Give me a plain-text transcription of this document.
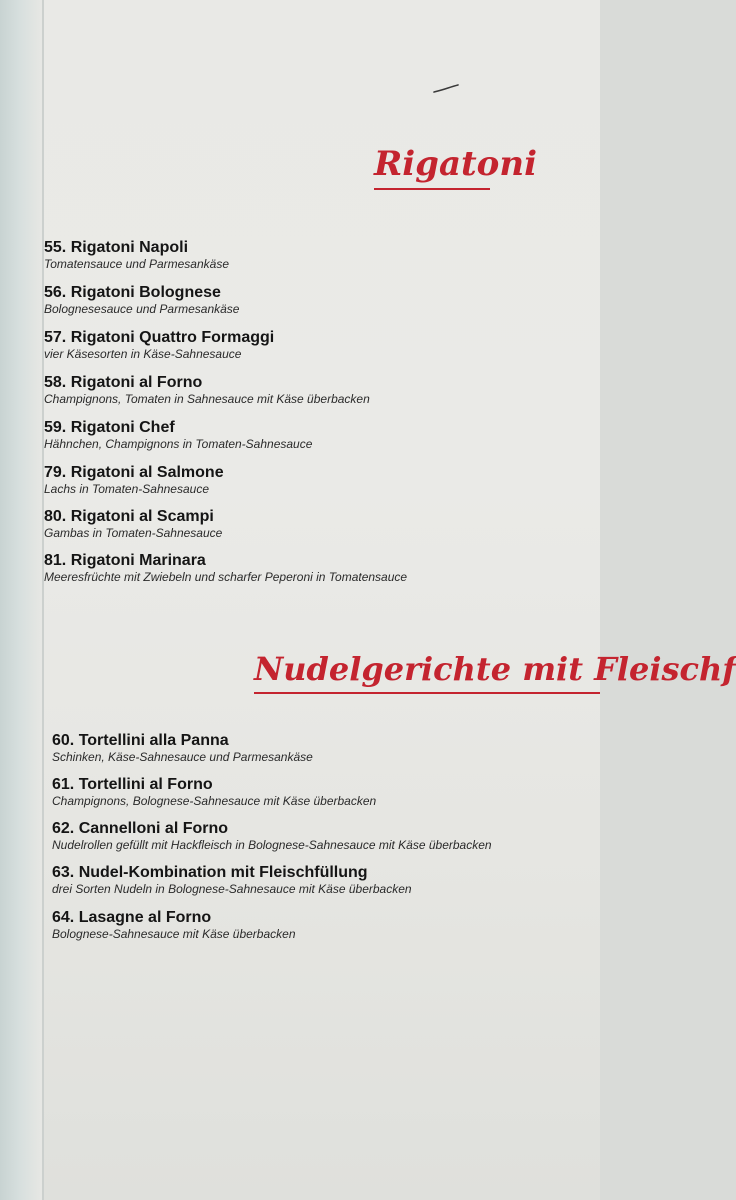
Rigatoni
55. Rigatoni Napoli
Tomatensauce und Parmesankäse
56. Rigatoni Bolognese
Bolognesesauce und Parmesankäse
57. Rigatoni Quattro Formaggi
vier Käsesorten in Käse-Sahnesauce
58. Rigatoni al Forno
Champignons, Tomaten in Sahnesauce mit Käse überbacken
59. Rigatoni Chef
Hähnchen, Champignons in Tomaten-Sahnesauce
79. Rigatoni al Salmone
Lachs in Tomaten-Sahnesauce
80. Rigatoni al Scampi
Gambas in Tomaten-Sahnesauce
81. Rigatoni Marinara
Meeresfrüchte mit Zwiebeln und scharfer Peperoni in Tomatensauce
Nudelgerichte mit Fleischf
60. Tortellini alla Panna
Schinken, Käse-Sahnesauce und Parmesankäse
61. Tortellini al Forno
Champignons, Bolognese-Sahnesauce mit Käse überbacken
62. Cannelloni al Forno
Nudelrollen gefüllt mit Hackfleisch in Bolognese-Sahnesauce mit Käse überbacken
63. Nudel-Kombination mit Fleischfüllung
drei Sorten Nudeln in Bolognese-Sahnesauce mit Käse überbacken
64. Lasagne al Forno
Bolognese-Sahnesauce mit Käse überbacken
